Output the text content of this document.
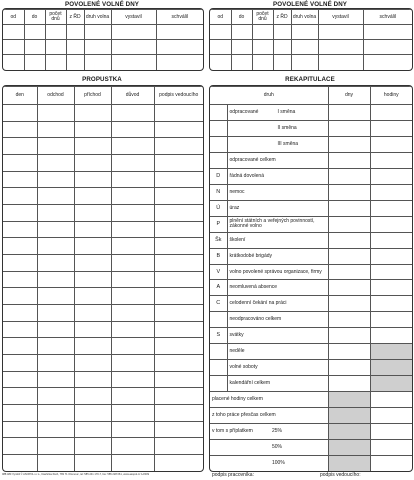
POVOLENÉ VOLNÉ DNY
od	do	počet dnů	z ŘD	druh volna	vystavil	schválil

POVOLENÉ VOLNÉ DNY
od	do	počet dnů	z ŘD	druh volna	vystavil	schválil

PROPUSTKA
den	odchod	příchod	důvod	podpis vedoucího

REKAPITULACE
druh		dny	hodiny

	odpracované I směna		

	II směna		

	III směna		

	odpracované celkem		

D	řádná dovolená		

N	nemoc		

Ú	úraz		

P	plnění státních a veřejných povinností, zákonné volno		

Šk	školení		

B	krátkodobé brigády		

V	volno povolené správou organizace, firmy		

A	neomluvená absence		

C	celodenní čekání na práci		

	neodpracováno celkem		

S	svátky		

	neděle		

	volné soboty		

	kalendářní celkem		

placené hodiny celkem			

z toho práce přesčas celkem			

v tom s příplatkem 25%			

50%			

100%			

088 480 Vyrobil © ASOPOL s.r.o., Dashrtka 6A/A, 783 71 Olomouc, tel: 585 241 170-7, fax: 585 228 061, www.asopol.cz 1/2009	podpis pracovníka:	podpis vedoucího:
